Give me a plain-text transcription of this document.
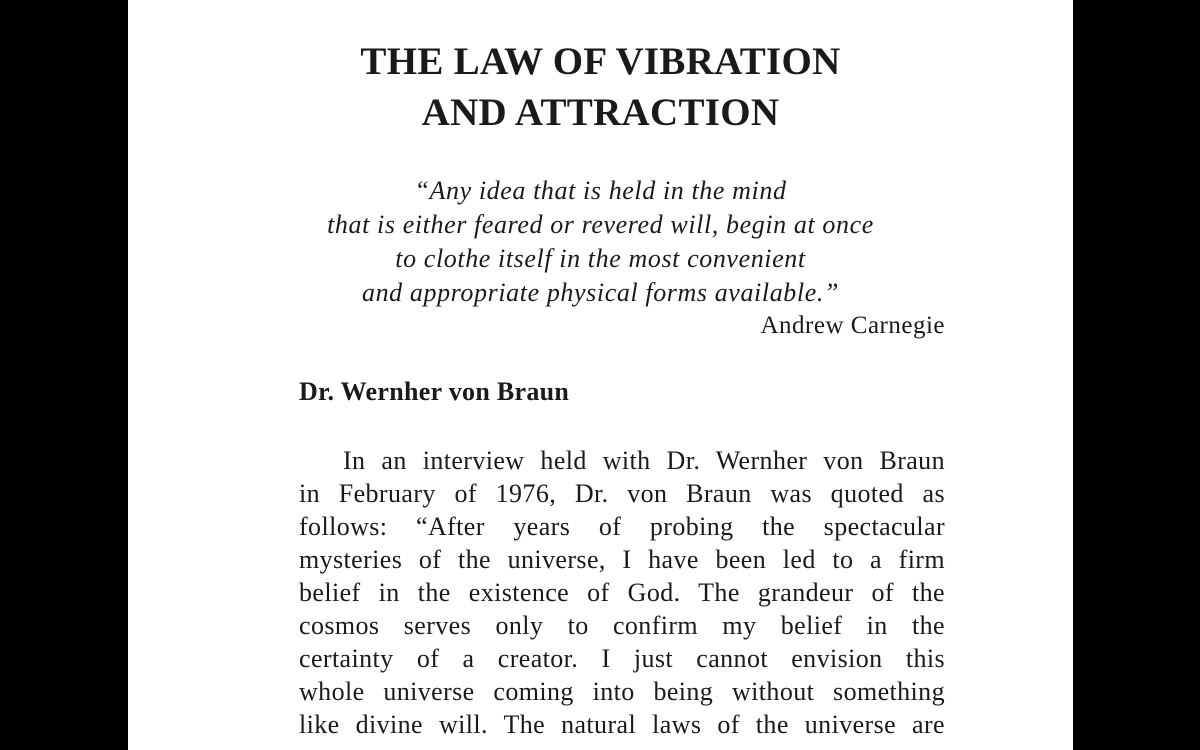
THE LAW OF VIBRATION
AND ATTRACTION
“Any idea that is held in the mind
that is either feared or revered will, begin at once
to clothe itself in the most convenient
and appropriate physical forms available.”
Andrew Carnegie
Dr. Wernher von Braun
In an interview held with Dr. Wernher von Braun
in February of 1976, Dr. von Braun was quoted as
follows: “After years of probing the spectacular
mysteries of the universe, I have been led to a firm
belief in the existence of God. The grandeur of the
cosmos serves only to confirm my belief in the
certainty of a creator. I just cannot envision this
whole universe coming into being without something
like divine will. The natural laws of the universe are
